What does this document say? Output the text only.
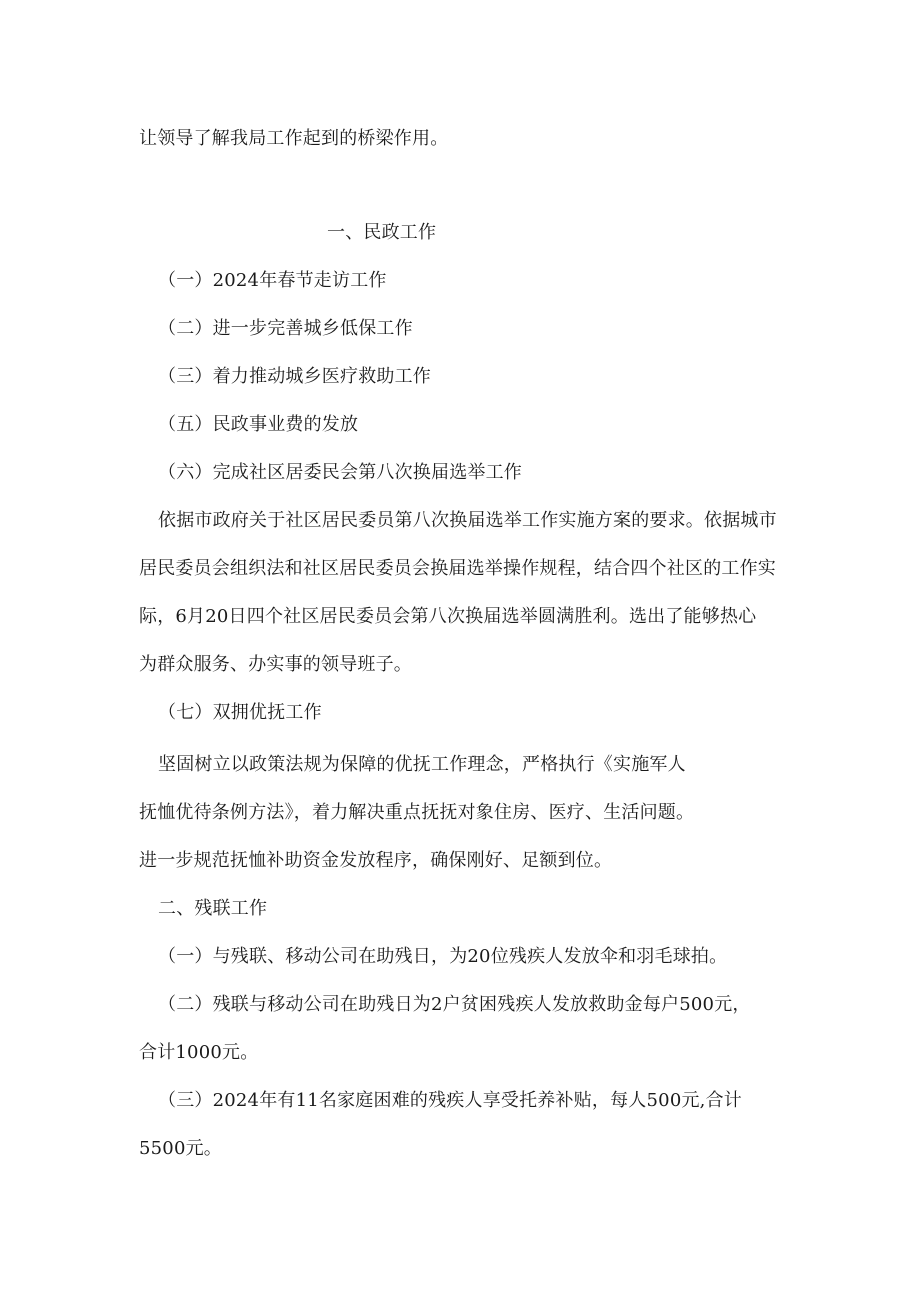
让领导了解我局工作起到的桥梁作用。
一、民政工作
（一）2024年春节走访工作
（二）进一步完善城乡低保工作
（三）着力推动城乡医疗救助工作
（五）民政事业费的发放
（六）完成社区居委民会第八次换届选举工作
依据市政府关于社区居民委员第八次换届选举工作实施方案的要求。依据城市
居民委员会组织法和社区居民委员会换届选举操作规程，结合四个社区的工作实
际，6月20日四个社区居民委员会第八次换届选举圆满胜利。选出了能够热心
为群众服务、办实事的领导班子。
（七）双拥优抚工作
坚固树立以政策法规为保障的优抚工作理念，严格执行《实施军人
抚恤优待条例方法》，着力解决重点抚抚对象住房、医疗、生活问题。
进一步规范抚恤补助资金发放程序，确保刚好、足额到位。
二、残联工作
（一）与残联、移动公司在助残日，为20位残疾人发放伞和羽毛球拍。
（二）残联与移动公司在助残日为2户贫困残疾人发放救助金每户500元，
合计1000元。
（三）2024年有11名家庭困难的残疾人享受托养补贴，每人500元,合计
5500元。
